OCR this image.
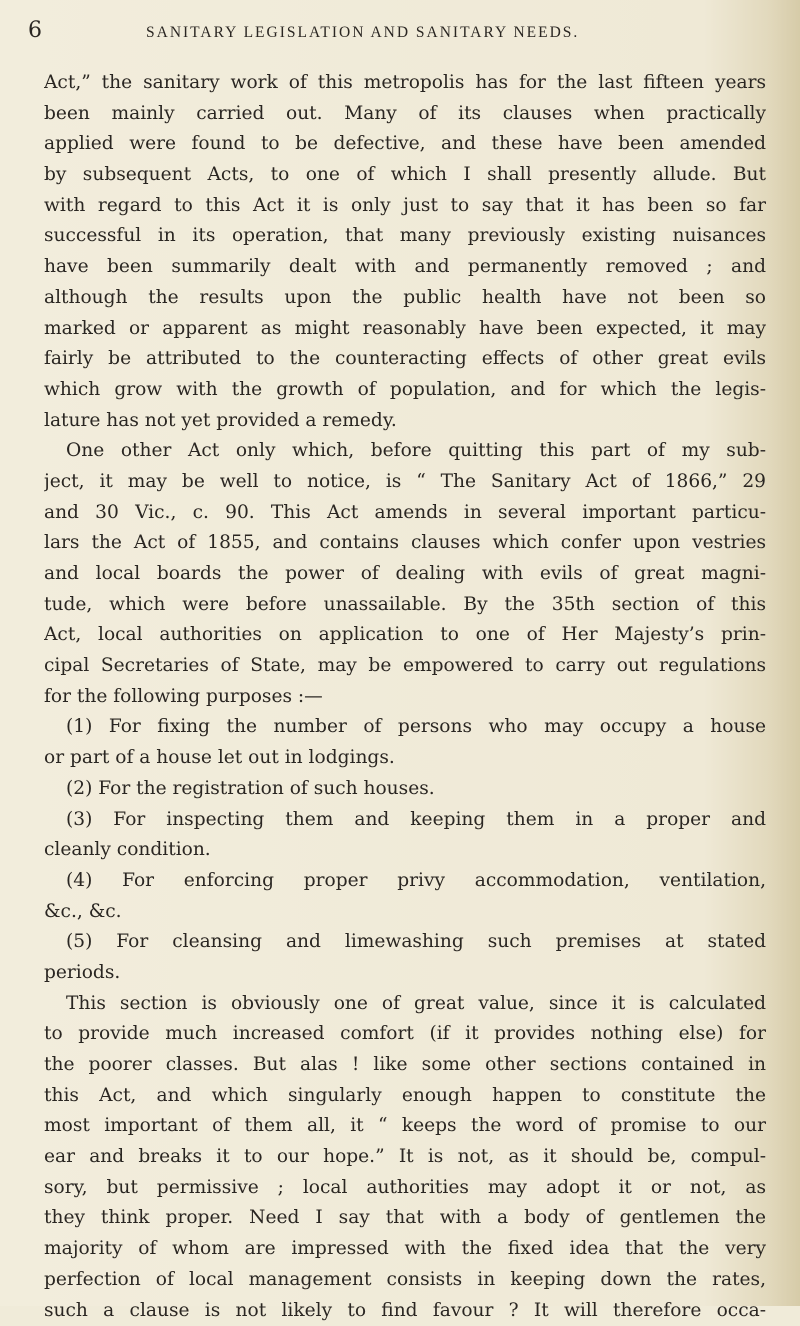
6	SANITARY LEGISLATION AND SANITARY NEEDS.
Act,” the sanitary work of this metropolis has for the last fifteen years
been mainly carried out. Many of its clauses when practically
applied were found to be defective, and these have been amended
by subsequent Acts, to one of which I shall presently allude. But
with regard to this Act it is only just to say that it has been so far
successful in its operation, that many previously existing nuisances
have been summarily dealt with and permanently removed ; and
although the results upon the public health have not been so
marked or apparent as might reasonably have been expected, it may
fairly be attributed to the counteracting effects of other great evils
which grow with the growth of population, and for which the legis-
lature has not yet provided a remedy.
One other Act only which, before quitting this part of my sub-
ject, it may be well to notice, is “ The Sanitary Act of 1866,” 29
and 30 Vic., c. 90. This Act amends in several important particu-
lars the Act of 1855, and contains clauses which confer upon vestries
and local boards the power of dealing with evils of great magni-
tude, which were before unassailable. By the 35th section of this
Act, local authorities on application to one of Her Majesty’s prin-
cipal Secretaries of State, may be empowered to carry out regulations
for the following purposes :—
(1) For fixing the number of persons who may occupy a house
or part of a house let out in lodgings.
(2) For the registration of such houses.
(3) For inspecting them and keeping them in a proper and
cleanly condition.
(4) For enforcing proper privy accommodation, ventilation,
&c., &c.
(5) For cleansing and limewashing such premises at stated
periods.
This section is obviously one of great value, since it is calculated
to provide much increased comfort (if it provides nothing else) for
the poorer classes. But alas ! like some other sections contained in
this Act, and which singularly enough happen to constitute the
most important of them all, it “ keeps the word of promise to our
ear and breaks it to our hope.” It is not, as it should be, compul-
sory, but permissive ; local authorities may adopt it or not, as
they think proper. Need I say that with a body of gentlemen the
majority of whom are impressed with the fixed idea that the very
perfection of local management consists in keeping down the rates,
such a clause is not likely to find favour ? It will therefore occa-
